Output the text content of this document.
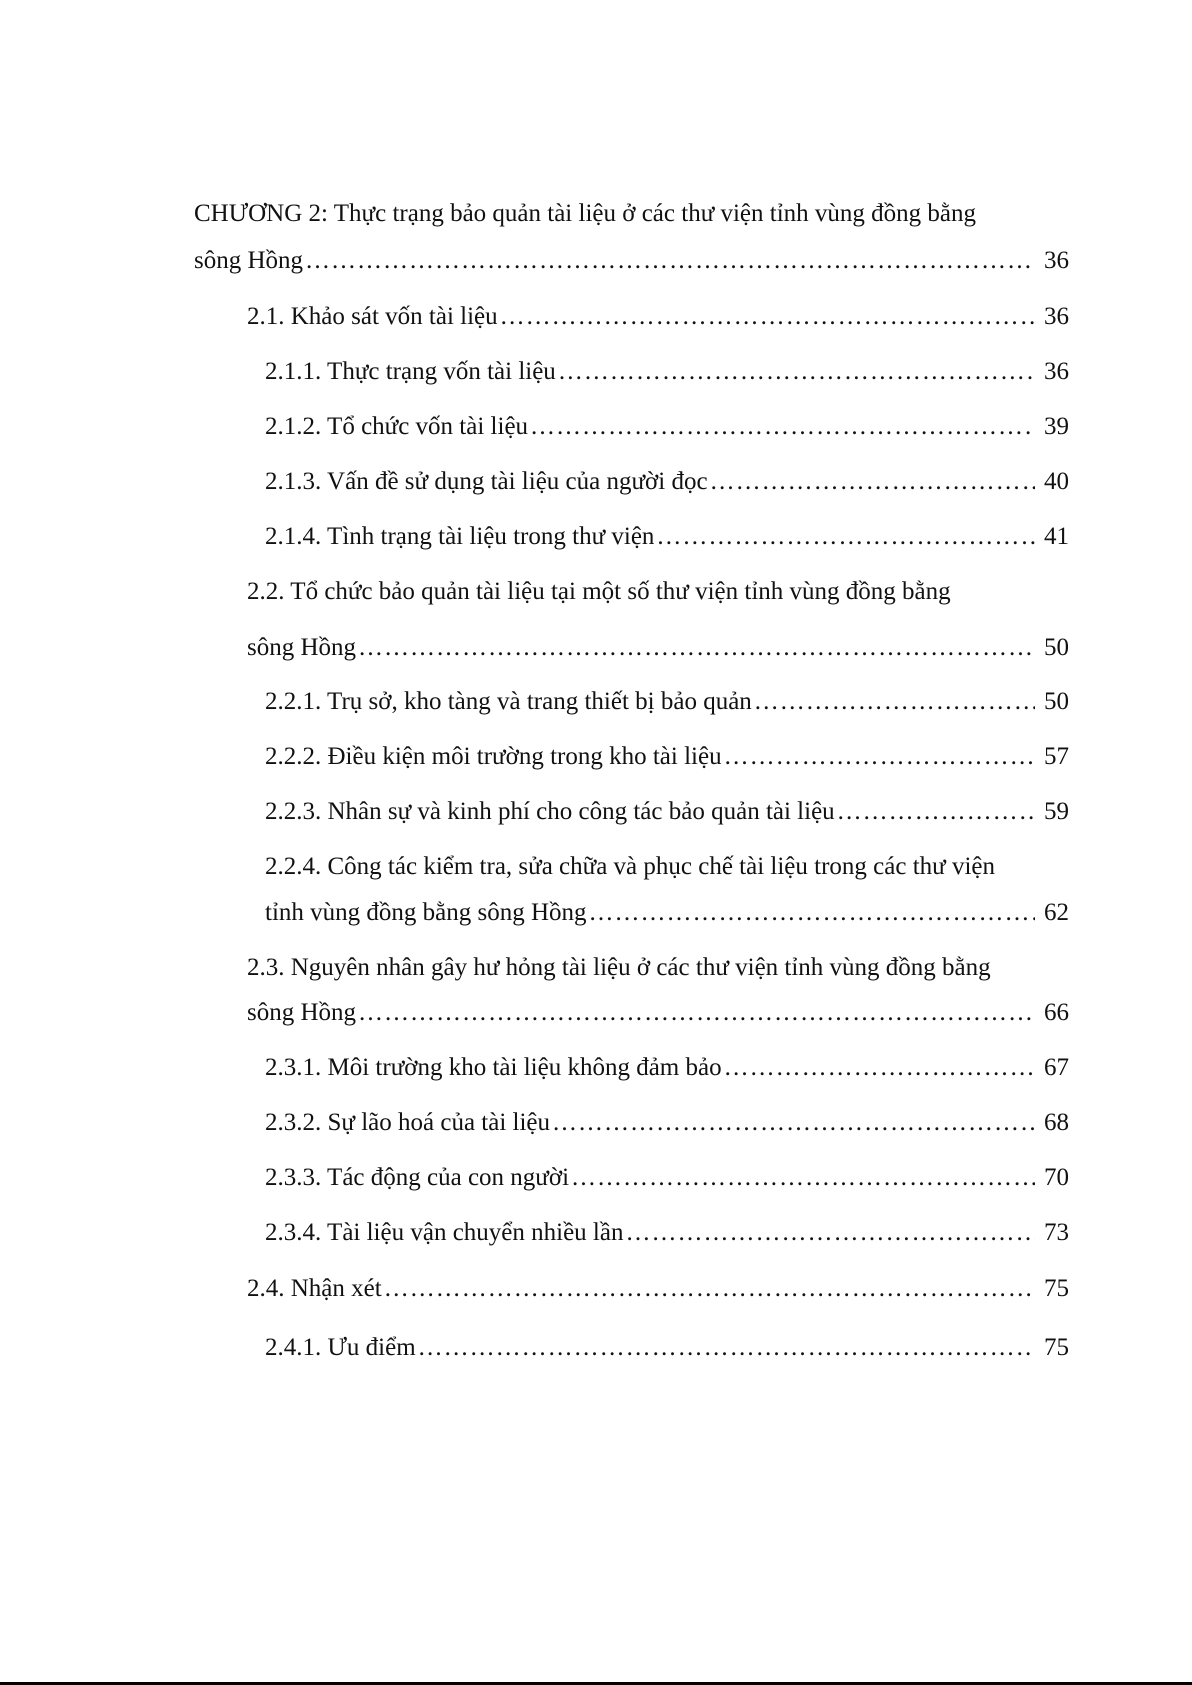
CHƯƠNG 2: Thực trạng bảo quản tài liệu ở các thư viện tỉnh vùng đồng bằng
sông Hồng …………………………………………………………………………………………………………………………………………………………………………………	36
2.1. Khảo sát vốn tài liệu …………………………………………………………………………………………………………………………………………………………………………………	36
2.1.1. Thực trạng vốn tài liệu …………………………………………………………………………………………………………………………………………………………………………………	36
2.1.2. Tổ chức vốn tài liệu …………………………………………………………………………………………………………………………………………………………………………………	39
2.1.3. Vấn đề sử dụng tài liệu của người đọc …………………………………………………………………………………………………………………………………………………………………………………	40
2.1.4. Tình trạng tài liệu trong thư viện …………………………………………………………………………………………………………………………………………………………………………………	41
2.2. Tổ chức bảo quản tài liệu tại một số thư viện tỉnh vùng đồng bằng
sông Hồng …………………………………………………………………………………………………………………………………………………………………………………	50
2.2.1. Trụ sở, kho tàng và trang thiết bị bảo quản …………………………………………………………………………………………………………………………………………………………………………………	50
2.2.2. Điều kiện môi trường trong kho tài liệu …………………………………………………………………………………………………………………………………………………………………………………	57
2.2.3. Nhân sự và kinh phí cho công tác bảo quản tài liệu …………………………………………………………………………………………………………………………………………………………………………………	59
2.2.4. Công tác kiểm tra, sửa chữa và phục chế tài liệu trong các thư viện
tỉnh vùng đồng bằng sông Hồng …………………………………………………………………………………………………………………………………………………………………………………	62
2.3. Nguyên nhân gây hư hỏng tài liệu ở các thư viện tỉnh vùng đồng bằng
sông Hồng …………………………………………………………………………………………………………………………………………………………………………………	66
2.3.1. Môi trường kho tài liệu không đảm bảo …………………………………………………………………………………………………………………………………………………………………………………	67
2.3.2. Sự lão hoá của tài liệu …………………………………………………………………………………………………………………………………………………………………………………	68
2.3.3. Tác động của con người …………………………………………………………………………………………………………………………………………………………………………………	70
2.3.4. Tài liệu vận chuyển nhiều lần …………………………………………………………………………………………………………………………………………………………………………………	73
2.4. Nhận xét …………………………………………………………………………………………………………………………………………………………………………………	75
2.4.1. Ưu điểm …………………………………………………………………………………………………………………………………………………………………………………	75
